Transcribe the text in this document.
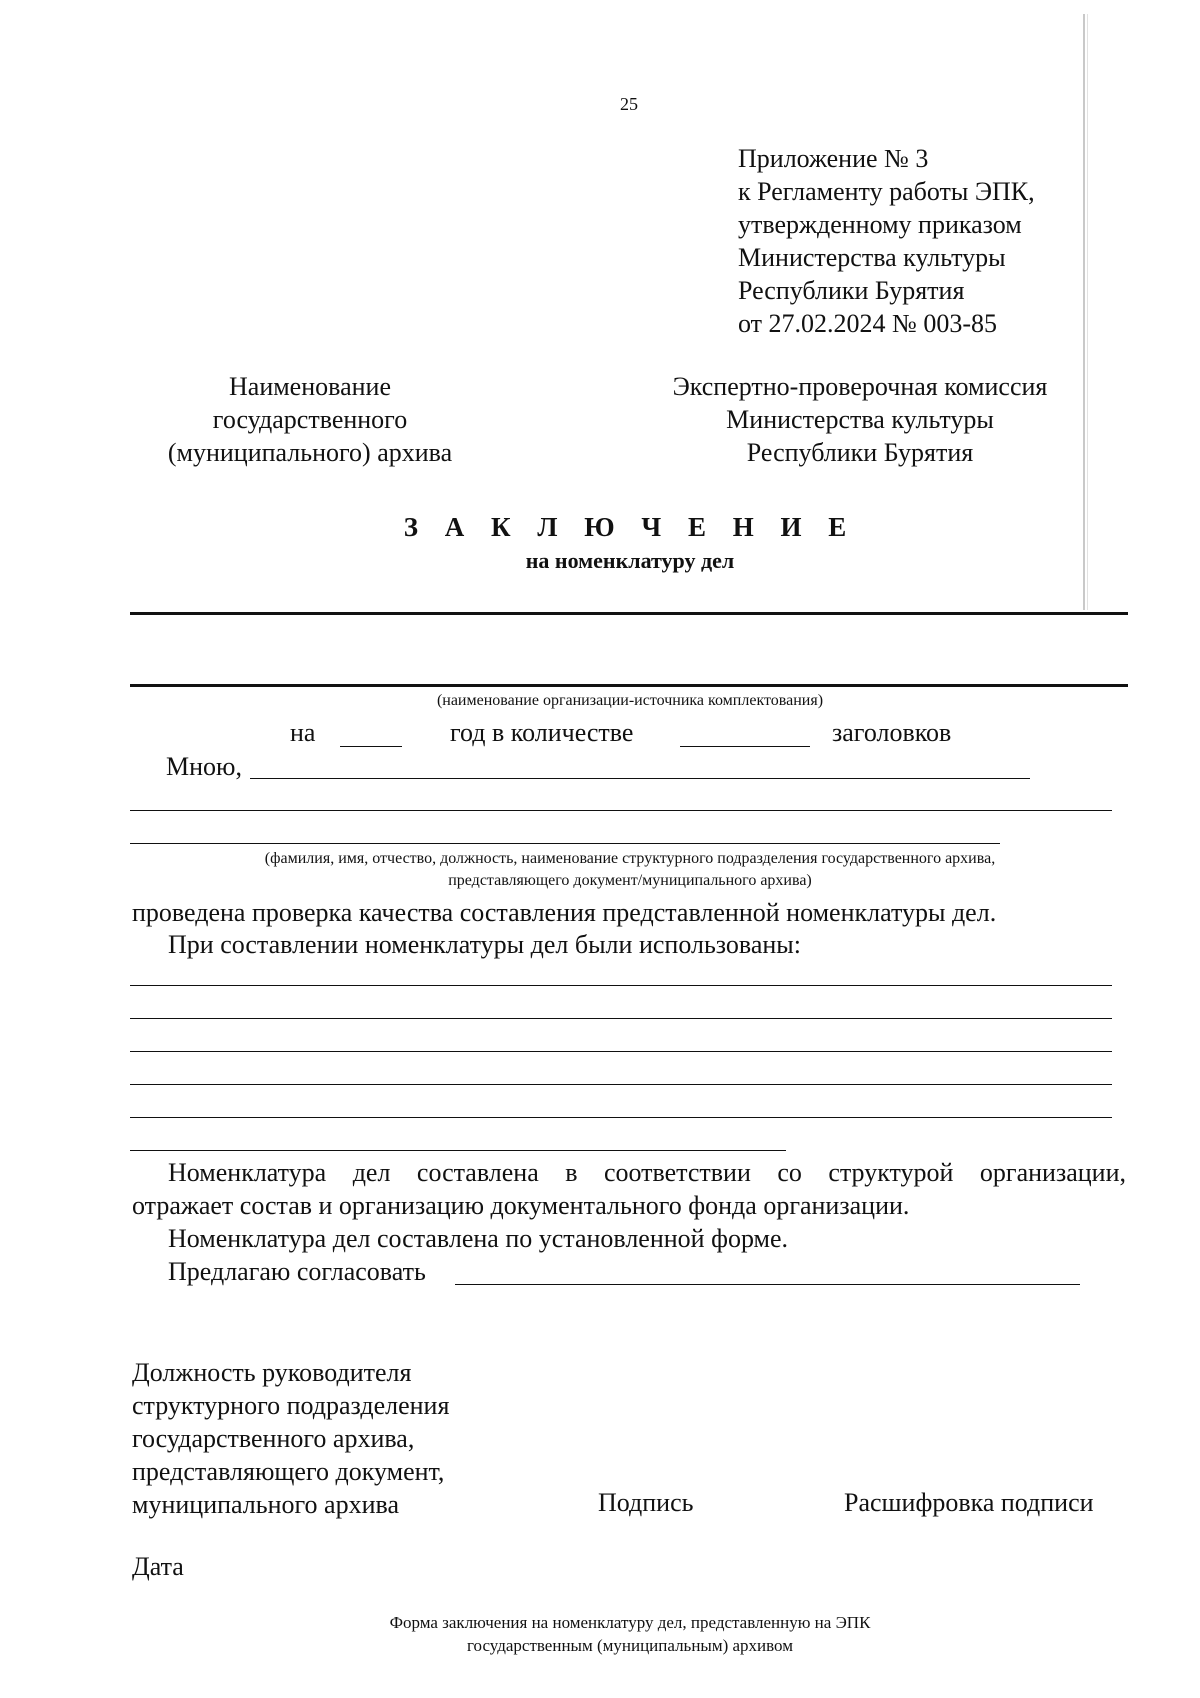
25
Приложение № 3
к Регламенту работы ЭПК,
утвержденному приказом
Министерства культуры
Республики Бурятия
от 27.02.2024 № 003-85
Наименование
государственного
(муниципального) архива
Экспертно-проверочная комиссия
Министерства культуры
Республики Бурятия
З А К Л Ю Ч Е Н И Е
на номенклатуру дел
(наименование организации-источника комплектования)
на	год в количестве	заголовков
Мною,
(фамилия, имя, отчество, должность, наименование структурного подразделения государственного архива,
представляющего документ/муниципального архива)
проведена проверка качества составления представленной номенклатуры дел.
При составлении номенклатуры дел были использованы:
Номенклатура дел составлена в соответствии со структурой организации,
отражает состав и организацию документального фонда организации.
Номенклатура дел составлена по установленной форме.
Предлагаю согласовать
Должность руководителя
структурного подразделения
государственного архива,
представляющего документ,
муниципального архива	Подпись	Расшифровка подписи
Дата
Форма заключения на номенклатуру дел, представленную на ЭПК
государственным (муниципальным) архивом
